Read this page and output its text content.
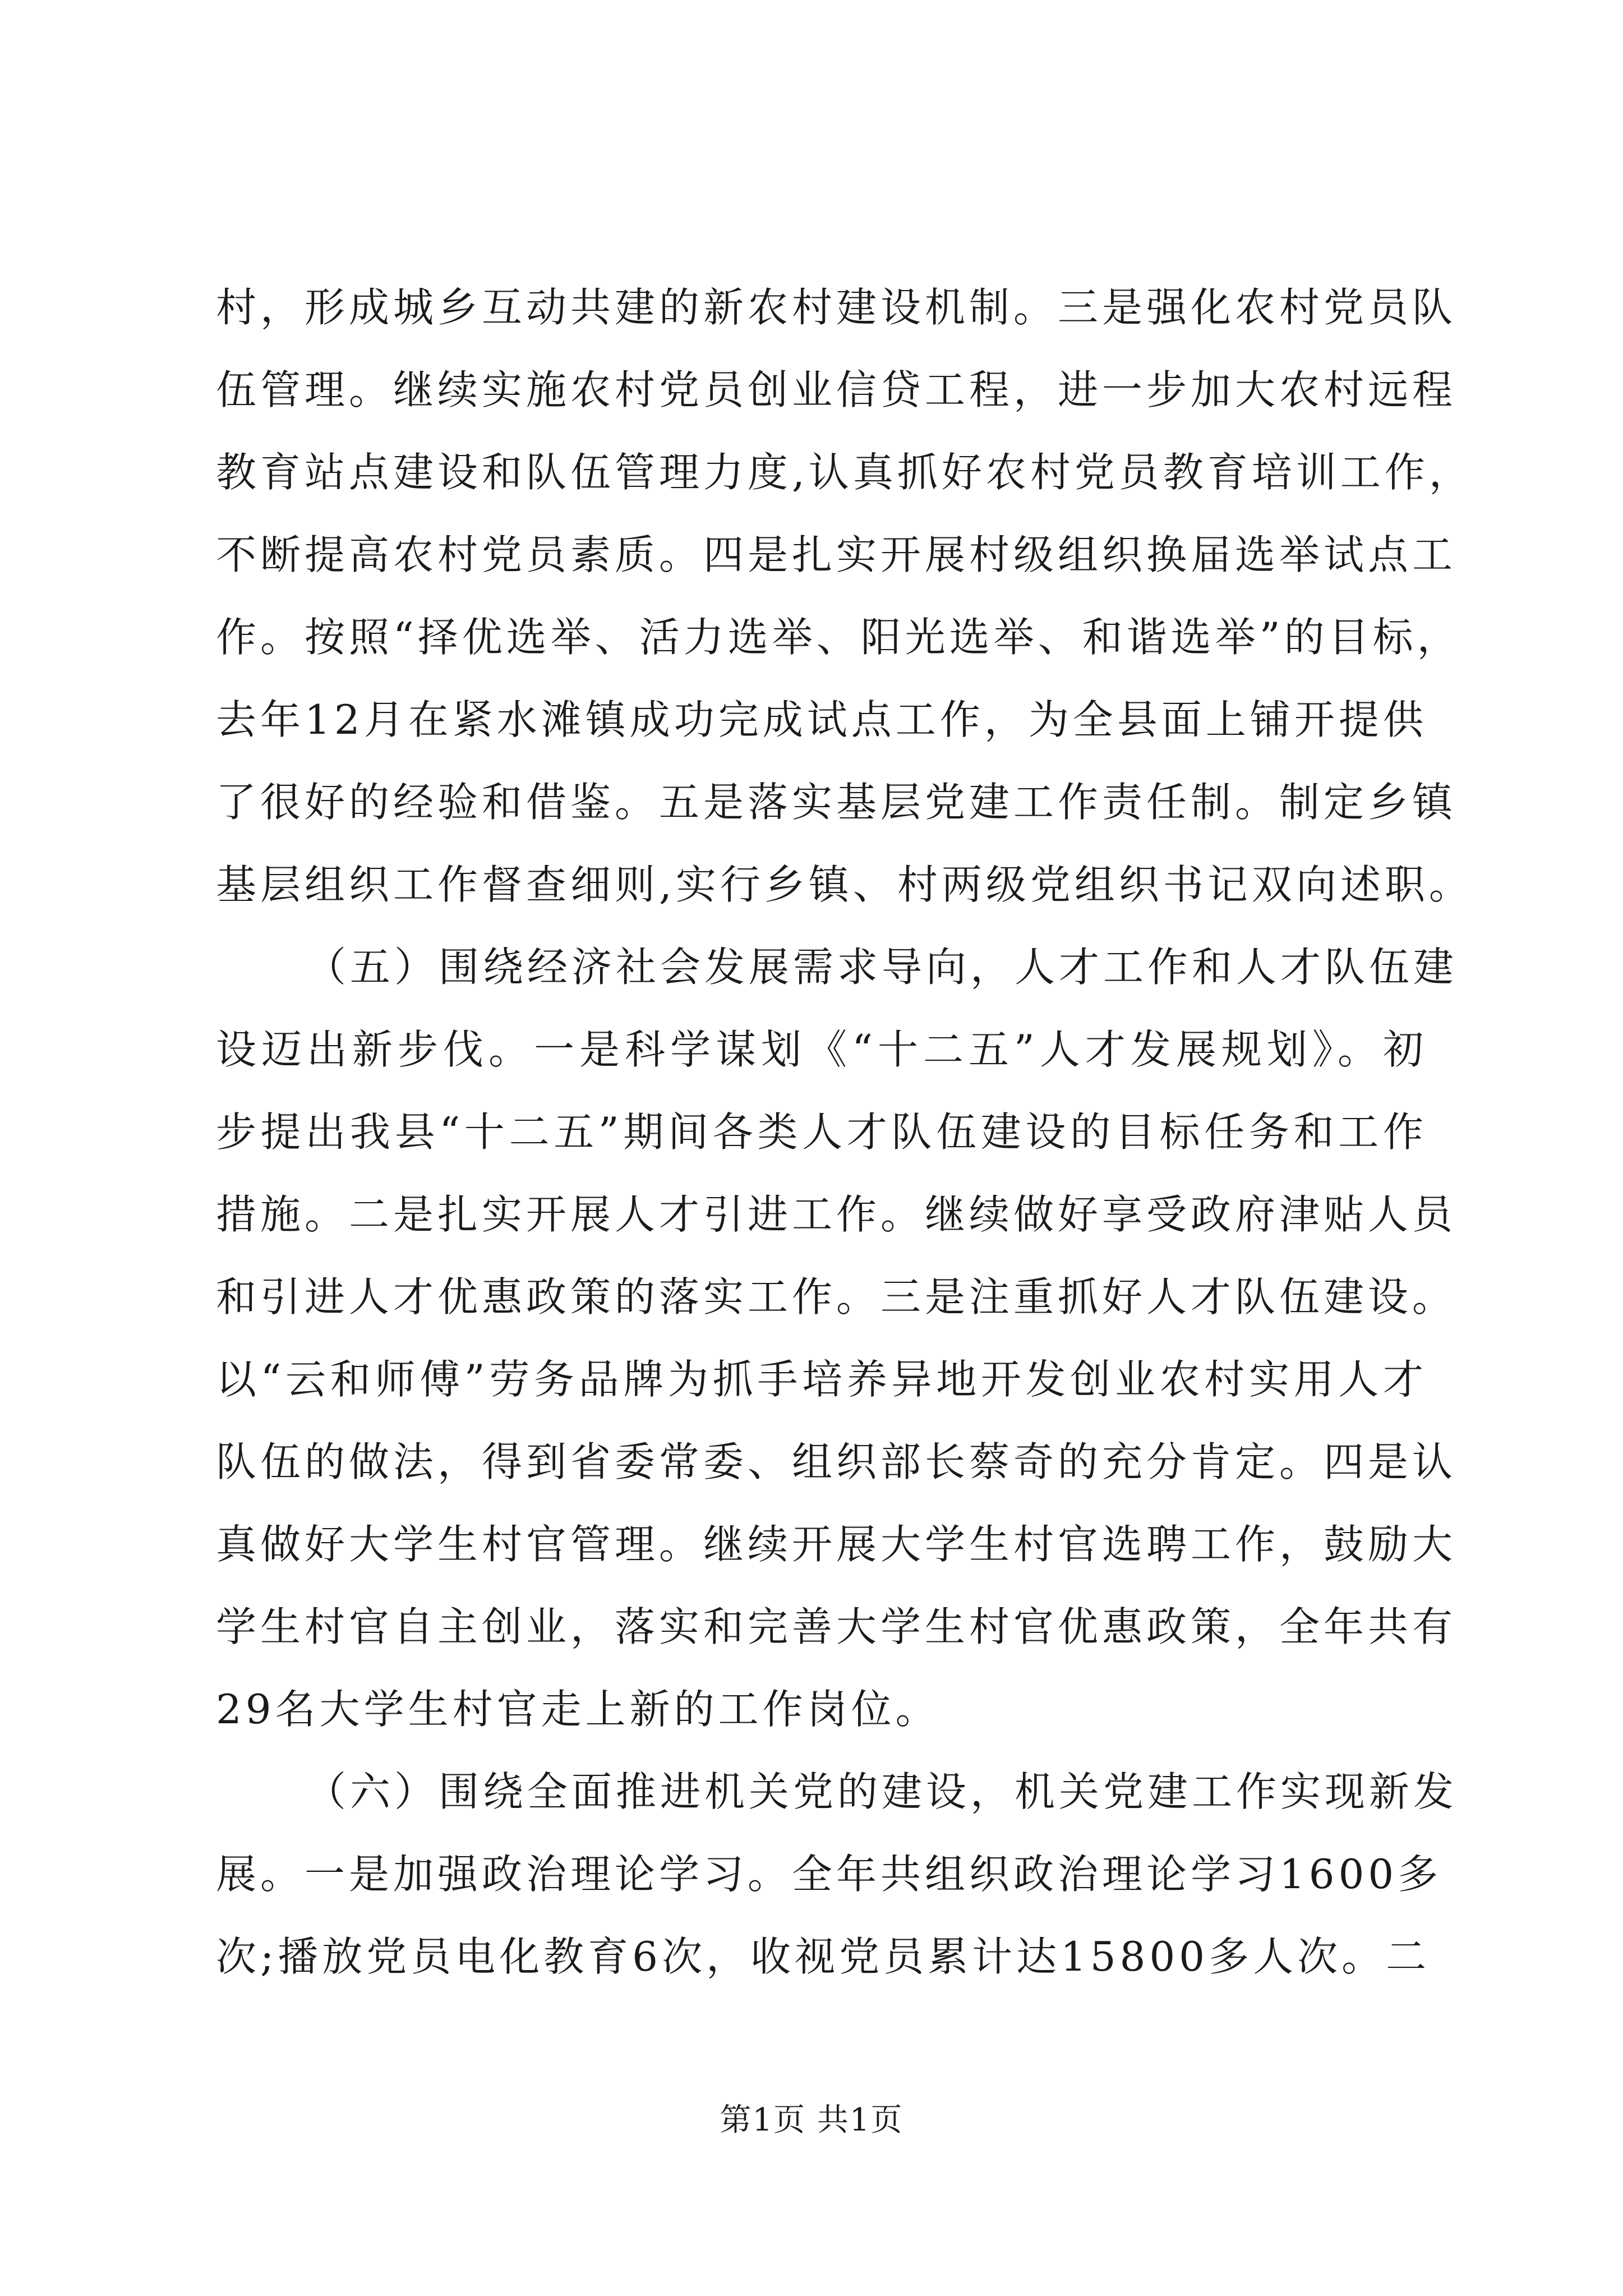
村，形成城乡互动共建的新农村建设机制。三是强化农村党员队
伍管理。继续实施农村党员创业信贷工程，进一步加大农村远程
教育站点建设和队伍管理力度,认真抓好农村党员教育培训工作，
不断提高农村党员素质。四是扎实开展村级组织换届选举试点工
作。按照“择优选举、活力选举、阳光选举、和谐选举”的目标，
去年12月在紧水滩镇成功完成试点工作，为全县面上铺开提供
了很好的经验和借鉴。五是落实基层党建工作责任制。制定乡镇
基层组织工作督查细则,实行乡镇、村两级党组织书记双向述职。
（五）围绕经济社会发展需求导向，人才工作和人才队伍建
设迈出新步伐。一是科学谋划《“十二五”人才发展规划》。初
步提出我县“十二五”期间各类人才队伍建设的目标任务和工作
措施。二是扎实开展人才引进工作。继续做好享受政府津贴人员
和引进人才优惠政策的落实工作。三是注重抓好人才队伍建设。
以“云和师傅”劳务品牌为抓手培养异地开发创业农村实用人才
队伍的做法，得到省委常委、组织部长蔡奇的充分肯定。四是认
真做好大学生村官管理。继续开展大学生村官选聘工作，鼓励大
学生村官自主创业，落实和完善大学生村官优惠政策，全年共有
29名大学生村官走上新的工作岗位。
（六）围绕全面推进机关党的建设，机关党建工作实现新发
展。一是加强政治理论学习。全年共组织政治理论学习1600多
次;播放党员电化教育6次，收视党员累计达15800多人次。二
第1页 共1页
